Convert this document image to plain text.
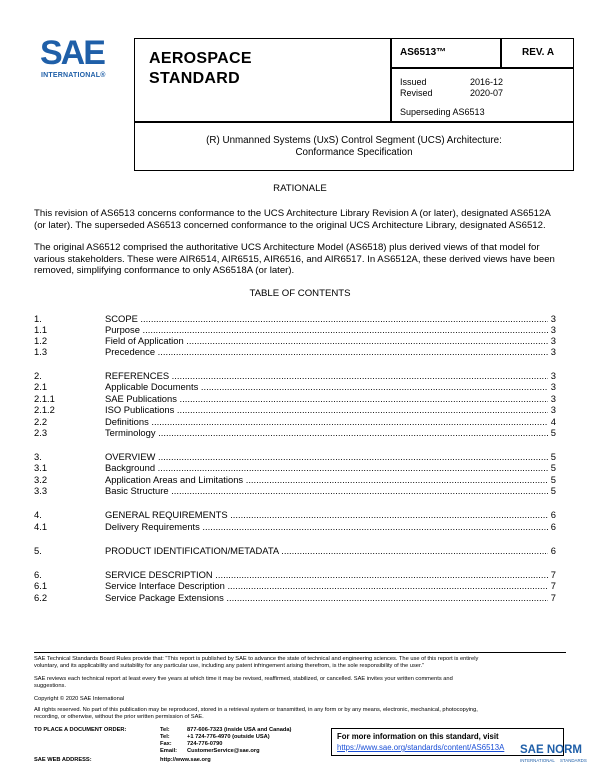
SAE
INTERNATIONAL®
AEROSPACE
STANDARD
AS6513™	REV. A
Issued	2016-12
Revised	2020-07
Superseding AS6513
(R) Unmanned Systems (UxS) Control Segment (UCS) Architecture:
Conformance Specification
RATIONALE
This revision of AS6513 concerns conformance to the UCS Architecture Library Revision A (or later), designated AS6512A
(or later). The superseded AS6513 concerned conformance to the original UCS Architecture Library, designated AS6512.
The original AS6512 comprised the authoritative UCS Architecture Model (AS6518) plus derived views of that model for
various stakeholders. These were AIR6514, AIR6515, AIR6516, and AIR6517. In AS6512A, these derived views have been
removed, simplifying conformance to only AS6518A (or later).
TABLE OF CONTENTS
1.	SCOPE .....	3
1.1	Purpose .....	3
1.2	Field of Application .....	3
1.3	Precedence .....	3
2.	REFERENCES .....	3
2.1	Applicable Documents .....	3
2.1.1	SAE Publications .....	3
2.1.2	ISO Publications .....	3
2.2	Definitions .....	4
2.3	Terminology .....	5
3.	OVERVIEW .....	5
3.1	Background .....	5
3.2	Application Areas and Limitations .....	5
3.3	Basic Structure .....	5
4.	GENERAL REQUIREMENTS .....	6
4.1	Delivery Requirements .....	6
5.	PRODUCT IDENTIFICATION/METADATA .....	6
6.	SERVICE DESCRIPTION .....	7
6.1	Service Interface Description .....	7
6.2	Service Package Extensions .....	7
SAE Technical Standards Board Rules provide that: “This report is published by SAE to advance the state of technical and engineering sciences. The use of this report is entirely
voluntary, and its applicability and suitability for any particular use, including any patent infringement arising therefrom, is the sole responsibility of the user.”
SAE reviews each technical report at least every five years at which time it may be revised, reaffirmed, stabilized, or cancelled. SAE invites your written comments and
suggestions.
Copyright © 2020 SAE International
All rights reserved. No part of this publication may be reproduced, stored in a retrieval system or transmitted, in any form or by any means, electronic, mechanical, photocopying,
recording, or otherwise, without the prior written permission of SAE.
TO PLACE A DOCUMENT ORDER:	Tel:	877-606-7323 (inside USA and Canada)
Tel:	+1 724-776-4970 (outside USA)
Fax:	724-776-0790
Email: CustomerService@sae.org
SAE WEB ADDRESS:	http://www.sae.org
For more information on this standard, visit
https://www.sae.org/standards/content/AS6513A SAE NORM
INTERNATIONAL STANDARDS
